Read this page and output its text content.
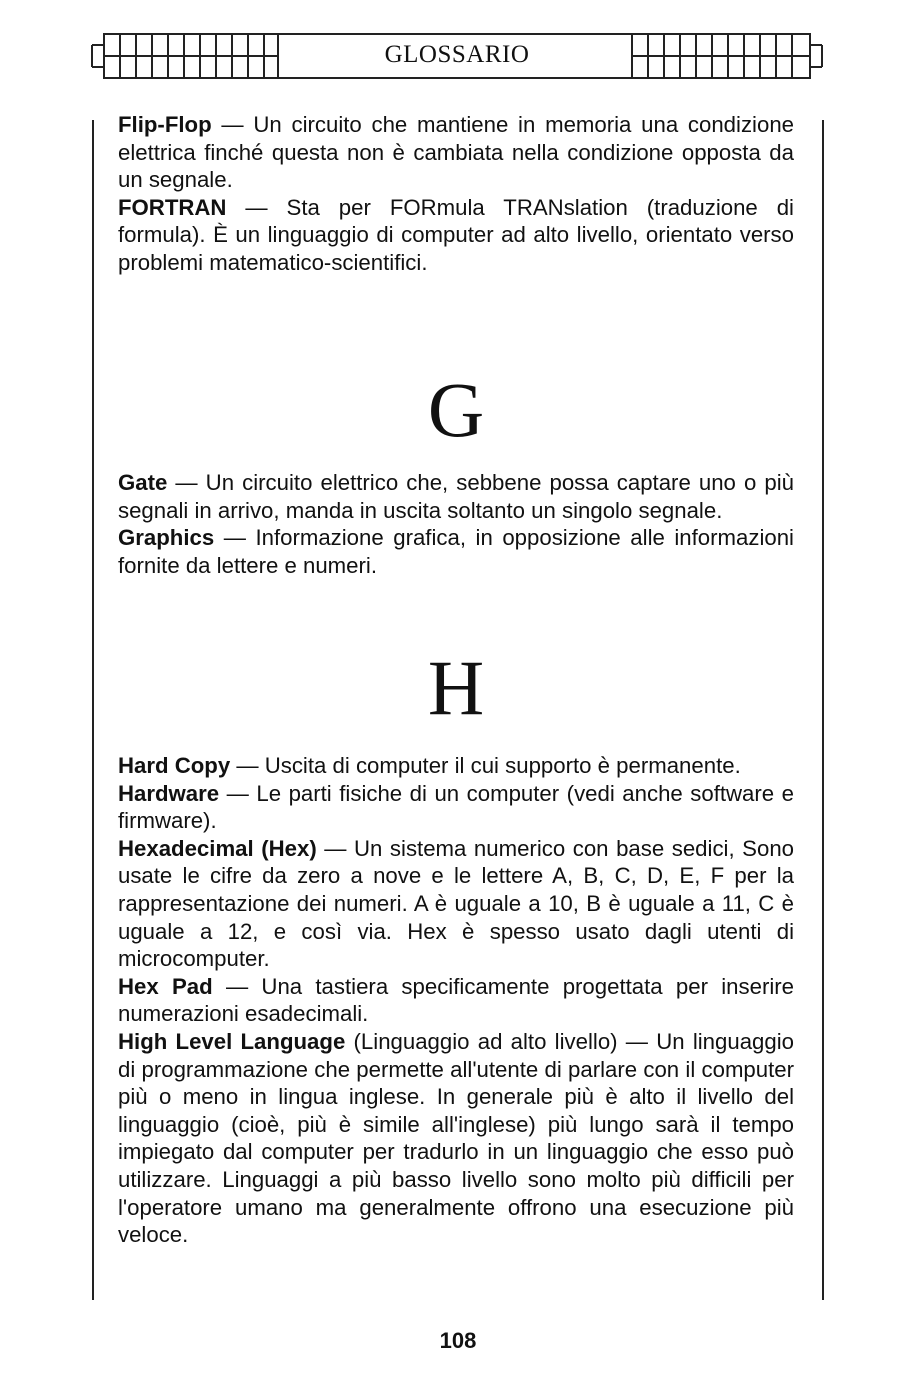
GLOSSARIO

Flip-Flop — Un circuito che mantiene in memoria una condizione elettrica finché questa non è cambiata nella condizione opposta da un segnale.

FORTRAN — Sta per FORmula TRANslation (traduzione di formula). È un linguaggio di computer ad alto livello, orientato verso problemi matematico-scientifici.

G

Gate — Un circuito elettrico che, sebbene possa captare uno o più segnali in arrivo, manda in uscita soltanto un singolo segnale.

Graphics — Informazione grafica, in opposizione alle informazioni fornite da lettere e numeri.

H

Hard Copy — Uscita di computer il cui supporto è permanente.

Hardware — Le parti fisiche di un computer (vedi anche software e firmware).

Hexadecimal (Hex) — Un sistema numerico con base sedici, Sono usate le cifre da zero a nove e le lettere A, B, C, D, E, F per la rappresentazione dei numeri. A è uguale a 10, B è uguale a 11, C è uguale a 12, e così via. Hex è spesso usato dagli utenti di microcomputer.

Hex Pad — Una tastiera specificamente progettata per inserire numerazioni esadecimali.

High Level Language (Linguaggio ad alto livello) — Un linguaggio di programmazione che permette all'utente di parlare con il computer più o meno in lingua inglese. In generale più è alto il livello del linguaggio (cioè, più è simile all'inglese) più lungo sarà il tempo impiegato dal computer per tradurlo in un linguaggio che esso può utilizzare. Linguaggi a più basso livello sono molto più difficili per l'operatore umano ma generalmente offrono una esecuzione più veloce.

108
